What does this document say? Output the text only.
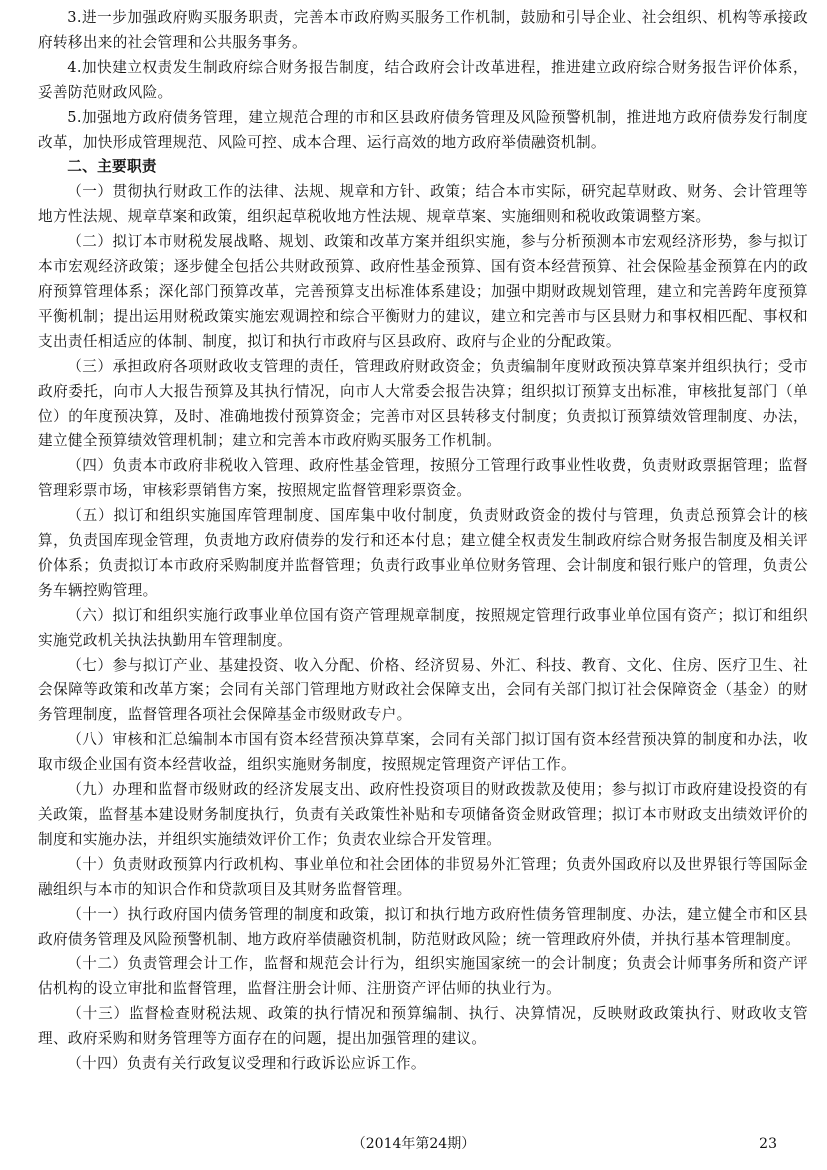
3.进一步加强政府购买服务职责，完善本市政府购买服务工作机制，鼓励和引导企业、社会组织、机构等承接政府转移出来的社会管理和公共服务事务。

4.加快建立权责发生制政府综合财务报告制度，结合政府会计改革进程，推进建立政府综合财务报告评价体系，妥善防范财政风险。

5.加强地方政府债务管理，建立规范合理的市和区县政府债务管理及风险预警机制，推进地方政府债券发行制度改革，加快形成管理规范、风险可控、成本合理、运行高效的地方政府举债融资机制。

二、主要职责

（一）贯彻执行财政工作的法律、法规、规章和方针、政策；结合本市实际，研究起草财政、财务、会计管理等地方性法规、规章草案和政策，组织起草税收地方性法规、规章草案、实施细则和税收政策调整方案。

（二）拟订本市财税发展战略、规划、政策和改革方案并组织实施，参与分析预测本市宏观经济形势，参与拟订本市宏观经济政策；逐步健全包括公共财政预算、政府性基金预算、国有资本经营预算、社会保险基金预算在内的政府预算管理体系；深化部门预算改革，完善预算支出标准体系建设；加强中期财政规划管理，建立和完善跨年度预算平衡机制；提出运用财税政策实施宏观调控和综合平衡财力的建议，建立和完善市与区县财力和事权相匹配、事权和支出责任相适应的体制、制度，拟订和执行市政府与区县政府、政府与企业的分配政策。

（三）承担政府各项财政收支管理的责任，管理政府财政资金；负责编制年度财政预决算草案并组织执行；受市政府委托，向市人大报告预算及其执行情况，向市人大常委会报告决算；组织拟订预算支出标准，审核批复部门（单位）的年度预决算，及时、准确地拨付预算资金；完善市对区县转移支付制度；负责拟订预算绩效管理制度、办法，建立健全预算绩效管理机制；建立和完善本市政府购买服务工作机制。

（四）负责本市政府非税收入管理、政府性基金管理，按照分工管理行政事业性收费，负责财政票据管理；监督管理彩票市场，审核彩票销售方案，按照规定监督管理彩票资金。

（五）拟订和组织实施国库管理制度、国库集中收付制度，负责财政资金的拨付与管理，负责总预算会计的核算，负责国库现金管理，负责地方政府债券的发行和还本付息；建立健全权责发生制政府综合财务报告制度及相关评价体系；负责拟订本市政府采购制度并监督管理；负责行政事业单位财务管理、会计制度和银行账户的管理，负责公务车辆控购管理。

（六）拟订和组织实施行政事业单位国有资产管理规章制度，按照规定管理行政事业单位国有资产；拟订和组织实施党政机关执法执勤用车管理制度。

（七）参与拟订产业、基建投资、收入分配、价格、经济贸易、外汇、科技、教育、文化、住房、医疗卫生、社会保障等政策和改革方案；会同有关部门管理地方财政社会保障支出，会同有关部门拟订社会保障资金（基金）的财务管理制度，监督管理各项社会保障基金市级财政专户。

（八）审核和汇总编制本市国有资本经营预决算草案，会同有关部门拟订国有资本经营预决算的制度和办法，收取市级企业国有资本经营收益，组织实施财务制度，按照规定管理资产评估工作。

（九）办理和监督市级财政的经济发展支出、政府性投资项目的财政拨款及使用；参与拟订市政府建设投资的有关政策，监督基本建设财务制度执行，负责有关政策性补贴和专项储备资金财政管理；拟订本市财政支出绩效评价的制度和实施办法，并组织实施绩效评价工作；负责农业综合开发管理。

（十）负责财政预算内行政机构、事业单位和社会团体的非贸易外汇管理；负责外国政府以及世界银行等国际金融组织与本市的知识合作和贷款项目及其财务监督管理。

（十一）执行政府国内债务管理的制度和政策，拟订和执行地方政府性债务管理制度、办法，建立健全市和区县政府债务管理及风险预警机制、地方政府举债融资机制，防范财政风险；统一管理政府外债，并执行基本管理制度。

（十二）负责管理会计工作，监督和规范会计行为，组织实施国家统一的会计制度；负责会计师事务所和资产评估机构的设立审批和监督管理，监督注册会计师、注册资产评估师的执业行为。

（十三）监督检查财税法规、政策的执行情况和预算编制、执行、决算情况，反映财政政策执行、财政收支管理、政府采购和财务管理等方面存在的问题，提出加强管理的建议。

（十四）负责有关行政复议受理和行政诉讼应诉工作。

（2014年第24期）	23
